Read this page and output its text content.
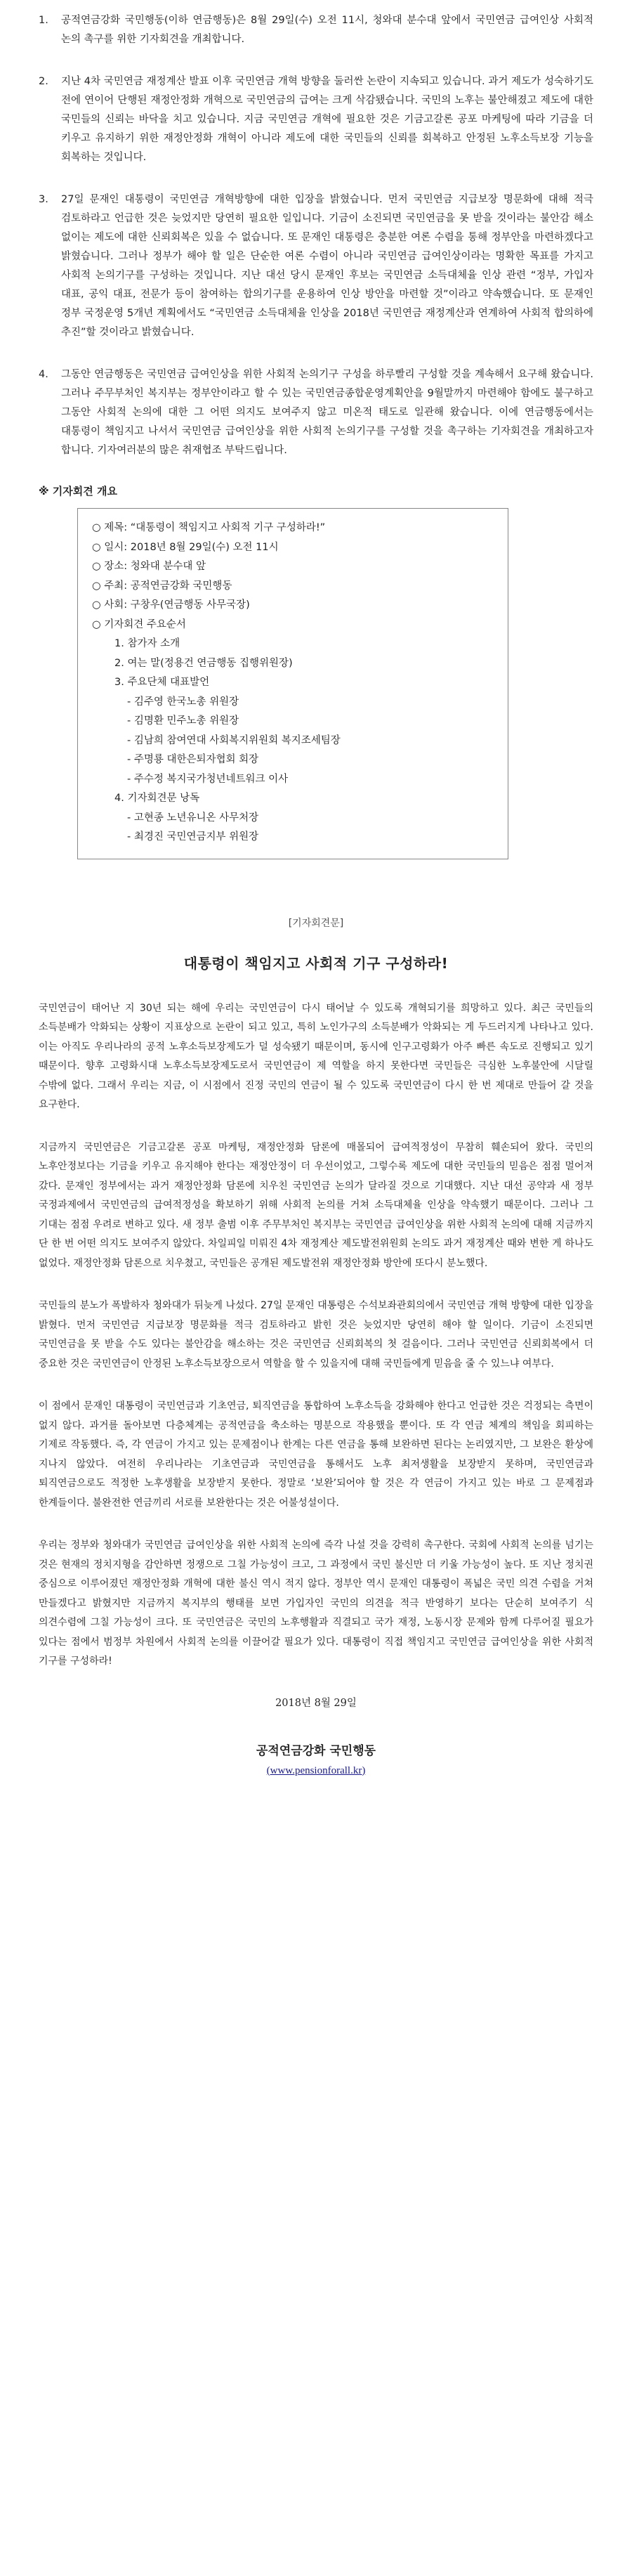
1. 공적연금강화 국민행동(이하 연금행동)은 8월 29일(수) 오전 11시, 청와대 분수대 앞에서 국민연금 급여인상 사회적 논의 촉구를 위한 기자회견을 개최합니다.

2. 지난 4차 국민연금 재정계산 발표 이후 국민연금 개혁 방향을 둘러싼 논란이 지속되고 있습니다. 과거 제도가 성숙하기도 전에 연이어 단행된 재정안정화 개혁으로 국민연금의 급여는 크게 삭감됐습니다. 국민의 노후는 불안해졌고 제도에 대한 국민들의 신뢰는 바닥을 치고 있습니다. 지금 국민연금 개혁에 필요한 것은 기금고갈론 공포 마케팅에 따라 기금을 더 키우고 유지하기 위한 재정안정화 개혁이 아니라 제도에 대한 국민들의 신뢰를 회복하고 안정된 노후소득보장 기능을 회복하는 것입니다.

3. 27일 문재인 대통령이 국민연금 개혁방향에 대한 입장을 밝혔습니다. 먼저 국민연금 지급보장 명문화에 대해 적극 검토하라고 언급한 것은 늦었지만 당연히 필요한 일입니다. 기금이 소진되면 국민연금을 못 받을 것이라는 불안감 해소 없이는 제도에 대한 신뢰회복은 있을 수 없습니다. 또 문재인 대통령은 충분한 여론 수렴을 통해 정부안을 마련하겠다고 밝혔습니다. 그러나 정부가 해야 할 일은 단순한 여론 수렴이 아니라 국민연금 급여인상이라는 명확한 목표를 가지고 사회적 논의기구를 구성하는 것입니다. 지난 대선 당시 문재인 후보는 국민연금 소득대체율 인상 관련 “정부, 가입자 대표, 공익 대표, 전문가 등이 참여하는 합의기구를 운용하여 인상 방안을 마련할 것”이라고 약속했습니다. 또 문재인 정부 국정운영 5개년 계획에서도 “국민연금 소득대체율 인상을 2018년 국민연금 재정계산과 연계하여 사회적 합의하에 추진”할 것이라고 밝혔습니다.

4. 그동안 연금행동은 국민연금 급여인상을 위한 사회적 논의기구 구성을 하루빨리 구성할 것을 계속해서 요구해 왔습니다. 그러나 주무부처인 복지부는 정부안이라고 할 수 있는 국민연금종합운영계획안을 9월말까지 마련해야 함에도 불구하고 그동안 사회적 논의에 대한 그 어떤 의지도 보여주지 않고 미온적 태도로 일관해 왔습니다. 이에 연금행동에서는 대통령이 책임지고 나서서 국민연금 급여인상을 위한 사회적 논의기구를 구성할 것을 촉구하는 기자회견을 개최하고자 합니다. 기자여러분의 많은 취재협조 부탁드립니다.

※ 기자회견 개요
○ 제목: “대통령이 책임지고 사회적 기구 구성하라!”
○ 일시: 2018년 8월 29일(수) 오전 11시
○ 장소: 청와대 분수대 앞
○ 주최: 공적연금강화 국민행동
○ 사회: 구창우(연금행동 사무국장)
○ 기자회견 주요순서
1. 참가자 소개
2. 여는 말(정용건 연금행동 집행위원장)
3. 주요단체 대표발언
- 김주영 한국노총 위원장
- 김명환 민주노총 위원장
- 김남희 참여연대 사회복지위원회 복지조세팀장
- 주명룡 대한은퇴자협회 회장
- 주수정 복지국가청년네트워크 이사
4. 기자회견문 낭독
- 고현종 노년유니온 사무처장
- 최경진 국민연금지부 위원장
[기자회견문]
대통령이 책임지고 사회적 기구 구성하라!

국민연금이 태어난 지 30년 되는 해에 우리는 국민연금이 다시 태어날 수 있도록 개혁되기를 희망하고 있다. 최근 국민들의 소득분배가 악화되는 상황이 지표상으로 논란이 되고 있고, 특히 노인가구의 소득분배가 악화되는 게 두드러지게 나타나고 있다. 이는 아직도 우리나라의 공적 노후소득보장제도가 덜 성숙됐기 때문이며, 동시에 인구고령화가 아주 빠른 속도로 진행되고 있기 때문이다. 향후 고령화시대 노후소득보장제도로서 국민연금이 제 역할을 하지 못한다면 국민들은 극심한 노후불안에 시달릴 수밖에 없다. 그래서 우리는 지금, 이 시점에서 진정 국민의 연금이 될 수 있도록 국민연금이 다시 한 번 제대로 만들어 갈 것을 요구한다.

지금까지 국민연금은 기금고갈론 공포 마케팅, 재정안정화 담론에 매몰되어 급여적정성이 무참히 훼손되어 왔다. 국민의 노후안정보다는 기금을 키우고 유지해야 한다는 재정안정이 더 우선이었고, 그렇수록 제도에 대한 국민들의 믿음은 점점 멀어져 갔다. 문재인 정부에서는 과거 재정안정화 담론에 치우친 국민연금 논의가 달라질 것으로 기대했다. 지난 대선 공약과 새 정부 국정과제에서 국민연금의 급여적정성을 확보하기 위해 사회적 논의를 거쳐 소득대체율 인상을 약속했기 때문이다. 그러나 그 기대는 점점 우려로 변하고 있다. 새 정부 출범 이후 주무부처인 복지부는 국민연금 급여인상을 위한 사회적 논의에 대해 지금까지 단 한 번 어떤 의지도 보여주지 않았다. 차일피일 미뤄진 4차 재정계산 제도발전위원회 논의도 과거 재정계산 때와 변한 게 하나도 없었다. 재정안정화 담론으로 치우쳤고, 국민들은 공개된 제도발전위 재정안정화 방안에 또다시 분노했다.

국민들의 분노가 폭발하자 청와대가 뒤늦게 나섰다. 27일 문재인 대통령은 수석보좌관회의에서 국민연금 개혁 방향에 대한 입장을 밝혔다. 먼저 국민연금 지급보장 명문화를 적극 검토하라고 밝힌 것은 늦었지만 당연히 해야 할 일이다. 기금이 소진되면 국민연금을 못 받을 수도 있다는 불안감을 해소하는 것은 국민연금 신뢰회복의 첫 걸음이다. 그러나 국민연금 신뢰회복에서 더 중요한 것은 국민연금이 안정된 노후소득보장으로서 역할을 할 수 있을지에 대해 국민들에게 믿음을 줄 수 있느냐 여부다.

이 점에서 문재인 대통령이 국민연금과 기초연금, 퇴직연금을 통합하여 노후소득을 강화해야 한다고 언급한 것은 걱정되는 측면이 없지 않다. 과거를 돌아보면 다층체계는 공적연금을 축소하는 명분으로 작용했을 뿐이다. 또 각 연금 체계의 책임을 회피하는 기제로 작동했다. 즉, 각 연금이 가지고 있는 문제점이나 한계는 다른 연금을 통해 보완하면 된다는 논리였지만, 그 보완은 환상에 지나지 않았다. 여전히 우리나라는 기초연금과 국민연금을 통해서도 노후 최저생활을 보장받지 못하며, 국민연금과 퇴직연금으로도 적정한 노후생활을 보장받지 못한다. 정말로 ‘보완’되어야 할 것은 각 연금이 가지고 있는 바로 그 문제점과 한계들이다. 불완전한 연금끼리 서로를 보완한다는 것은 어불성설이다.

우리는 정부와 청와대가 국민연금 급여인상을 위한 사회적 논의에 즉각 나설 것을 강력히 촉구한다. 국회에 사회적 논의를 넘기는 것은 현재의 정치지형을 감안하면 정쟁으로 그칠 가능성이 크고, 그 과정에서 국민 불신만 더 키울 가능성이 높다. 또 지난 정치권 중심으로 이루어졌던 재정안정화 개혁에 대한 불신 역시 적지 않다. 정부안 역시 문재인 대통령이 폭넓은 국민 의견 수렴을 거쳐 만들겠다고 밝혔지만 지금까지 복지부의 행태를 보면 가입자인 국민의 의견을 적극 반영하기 보다는 단순히 보여주기 식 의견수렴에 그칠 가능성이 크다. 또 국민연금은 국민의 노후행활과 직결되고 국가 재정, 노동시장 문제와 함께 다루어질 필요가 있다는 점에서 범정부 차원에서 사회적 논의를 이끌어갈 필요가 있다. 대통령이 직접 책임지고 국민연금 급여인상을 위한 사회적 기구를 구성하라!

2018년 8월 29일
공적연금강화 국민행동
(www.pensionforall.kr)
